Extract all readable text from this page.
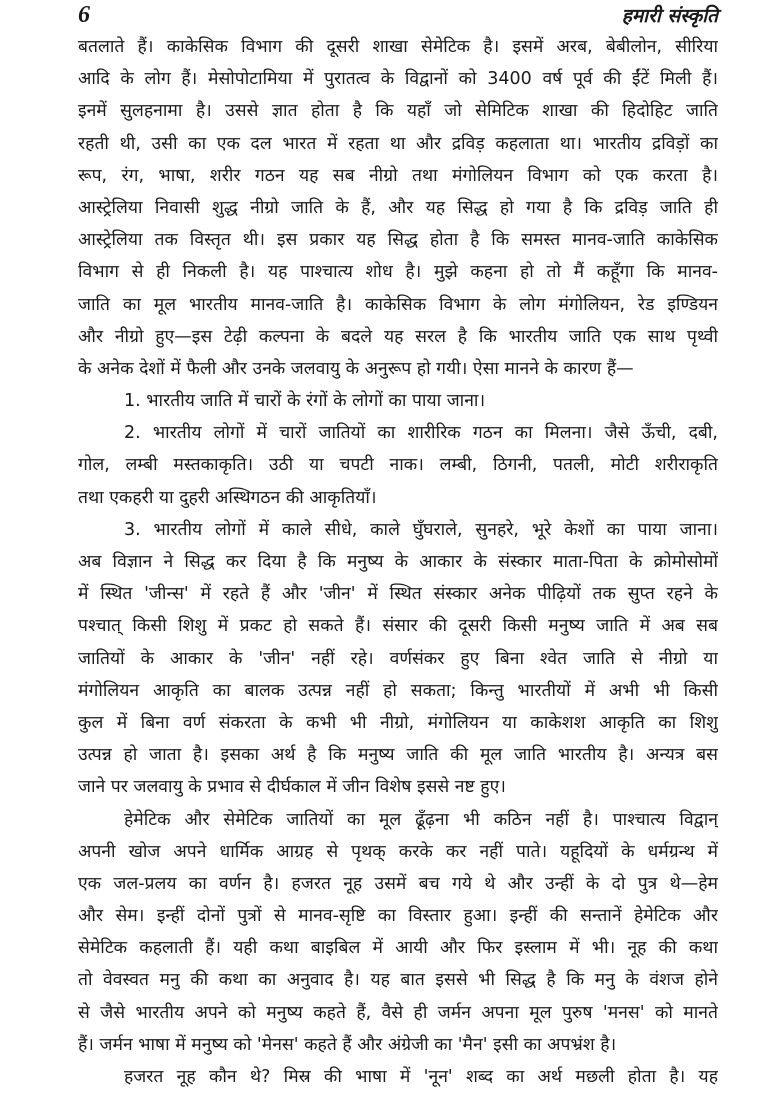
6	हमारी संस्कृति
बतलाते हैं। काकेसिक विभाग की दूसरी शाखा सेमेटिक है। इसमें अरब, बेबीलोन, सीरिया
आदि के लोग हैं। मेसोपोटामिया में पुरातत्व के विद्वानों को 3400 वर्ष पूर्व की ईंटें मिली हैं।
इनमें सुलहनामा है। उससे ज्ञात होता है कि यहाँ जो सेमिटिक शाखा की हिदोहिट जाति
रहती थी, उसी का एक दल भारत में रहता था और द्रविड़ कहलाता था। भारतीय द्रविड़ों का
रूप, रंग, भाषा, शरीर गठन यह सब नीग्रो तथा मंगोलियन विभाग को एक करता है।
आस्ट्रेलिया निवासी शुद्ध नीग्रो जाति के हैं, और यह सिद्ध हो गया है कि द्रविड़ जाति ही
आस्ट्रेलिया तक विस्तृत थी। इस प्रकार यह सिद्ध होता है कि समस्त मानव-जाति काकेसिक
विभाग से ही निकली है। यह पाश्चात्य शोध है। मुझे कहना हो तो मैं कहूँगा कि मानव-
जाति का मूल भारतीय मानव-जाति है। काकेसिक विभाग के लोग मंगोलियन, रेड इण्डियन
और नीग्रो हुए—इस टेढ़ी कल्पना के बदले यह सरल है कि भारतीय जाति एक साथ पृथ्वी
के अनेक देशों में फैली और उनके जलवायु के अनुरूप हो गयी। ऐसा मानने के कारण हैं—
1. भारतीय जाति में चारों के रंगों के लोगों का पाया जाना।
2. भारतीय लोगों में चारों जातियों का शारीरिक गठन का मिलना। जैसे ऊँची, दबी,
गोल, लम्बी मस्तकाकृति। उठी या चपटी नाक। लम्बी, ठिगनी, पतली, मोटी शरीराकृति
तथा एकहरी या दुहरी अस्थिगठन की आकृतियाँ।
3. भारतीय लोगों में काले सीधे, काले घुँघराले, सुनहरे, भूरे केशों का पाया जाना।
अब विज्ञान ने सिद्ध कर दिया है कि मनुष्य के आकार के संस्कार माता-पिता के क्रोमोसोमों
में स्थित 'जीन्स' में रहते हैं और 'जीन' में स्थित संस्कार अनेक पीढ़ियों तक सुप्त रहने के
पश्चात् किसी शिशु में प्रकट हो सकते हैं। संसार की दूसरी किसी मनुष्य जाति में अब सब
जातियों के आकार के 'जीन' नहीं रहे। वर्णसंकर हुए बिना श्वेत जाति से नीग्रो या
मंगोलियन आकृति का बालक उत्पन्न नहीं हो सकता; किन्तु भारतीयों में अभी भी किसी
कुल में बिना वर्ण संकरता के कभी भी नीग्रो, मंगोलियन या काकेशश आकृति का शिशु
उत्पन्न हो जाता है। इसका अर्थ है कि मनुष्य जाति की मूल जाति भारतीय है। अन्यत्र बस
जाने पर जलवायु के प्रभाव से दीर्घकाल में जीन विशेष इससे नष्ट हुए।
हेमेटिक और सेमेटिक जातियों का मूल ढूँढ़ना भी कठिन नहीं है। पाश्चात्य विद्वान्
अपनी खोज अपने धार्मिक आग्रह से पृथक् करके कर नहीं पाते। यहूदियों के धर्मग्रन्थ में
एक जल-प्रलय का वर्णन है। हजरत नूह उसमें बच गये थे और उन्हीं के दो पुत्र थे—हेम
और सेम। इन्हीं दोनों पुत्रों से मानव-सृष्टि का विस्तार हुआ। इन्हीं की सन्तानें हेमेटिक और
सेमेटिक कहलाती हैं। यही कथा बाइबिल में आयी और फिर इस्लाम में भी। नूह की कथा
तो वेवस्वत मनु की कथा का अनुवाद है। यह बात इससे भी सिद्ध है कि मनु के वंशज होने
से जैसे भारतीय अपने को मनुष्य कहते हैं, वैसे ही जर्मन अपना मूल पुरुष 'मनस' को मानते
हैं। जर्मन भाषा में मनुष्य को 'मेनस' कहते हैं और अंग्रेजी का 'मैन' इसी का अपभ्रंश है।
हजरत नूह कौन थे? मिस्र की भाषा में 'नून' शब्द का अर्थ मछली होता है। यह
